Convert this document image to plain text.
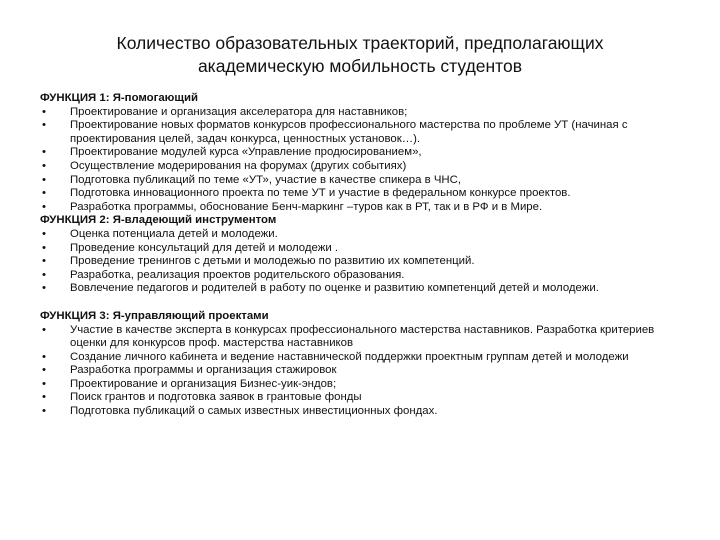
Количество образовательных траекторий, предполагающих
академическую мобильность студентов

ФУНКЦИЯ 1: Я-помогающий

• Проектирование и организация акселератора для наставников;
• Проектирование новых форматов конкурсов профессионального мастерства по проблеме УТ (начиная с проектирования целей, задач конкурса, ценностных установок…).
• Проектирование модулей курса «Управление продюсированием»,
• Осуществление модерирования на форумах (других событиях)
• Подготовка публикаций по теме «УТ», участие в качестве спикера в ЧНС,
• Подготовка инновационного проекта по теме УТ и участие в федеральном конкурсе проектов.
• Разработка программы, обоснование Бенч-маркинг –туров как в РТ, так и в РФ и в Мире.

ФУНКЦИЯ 2: Я-владеющий инструментом

• Оценка потенциала детей и молодежи.
• Проведение консультаций для детей и молодежи .
• Проведение тренингов с детьми и молодежью по развитию их компетенций.
• Разработка, реализация проектов родительского образования.
• Вовлечение педагогов и родителей в работу по оценке и развитию компетенций детей и молодежи.

ФУНКЦИЯ 3: Я-управляющий проектами

• Участие в качестве эксперта в конкурсах профессионального мастерства наставников. Разработка критериев оценки для конкурсов проф. мастерства наставников
• Создание личного кабинета и ведение наставнической поддержки проектным группам детей и молодежи
• Разработка программы и организация стажировок
• Проектирование и организация Бизнес-уик-эндов;
• Поиск грантов и подготовка заявок в грантовые фонды
• Подготовка публикаций о самых известных инвестиционных фондах.
